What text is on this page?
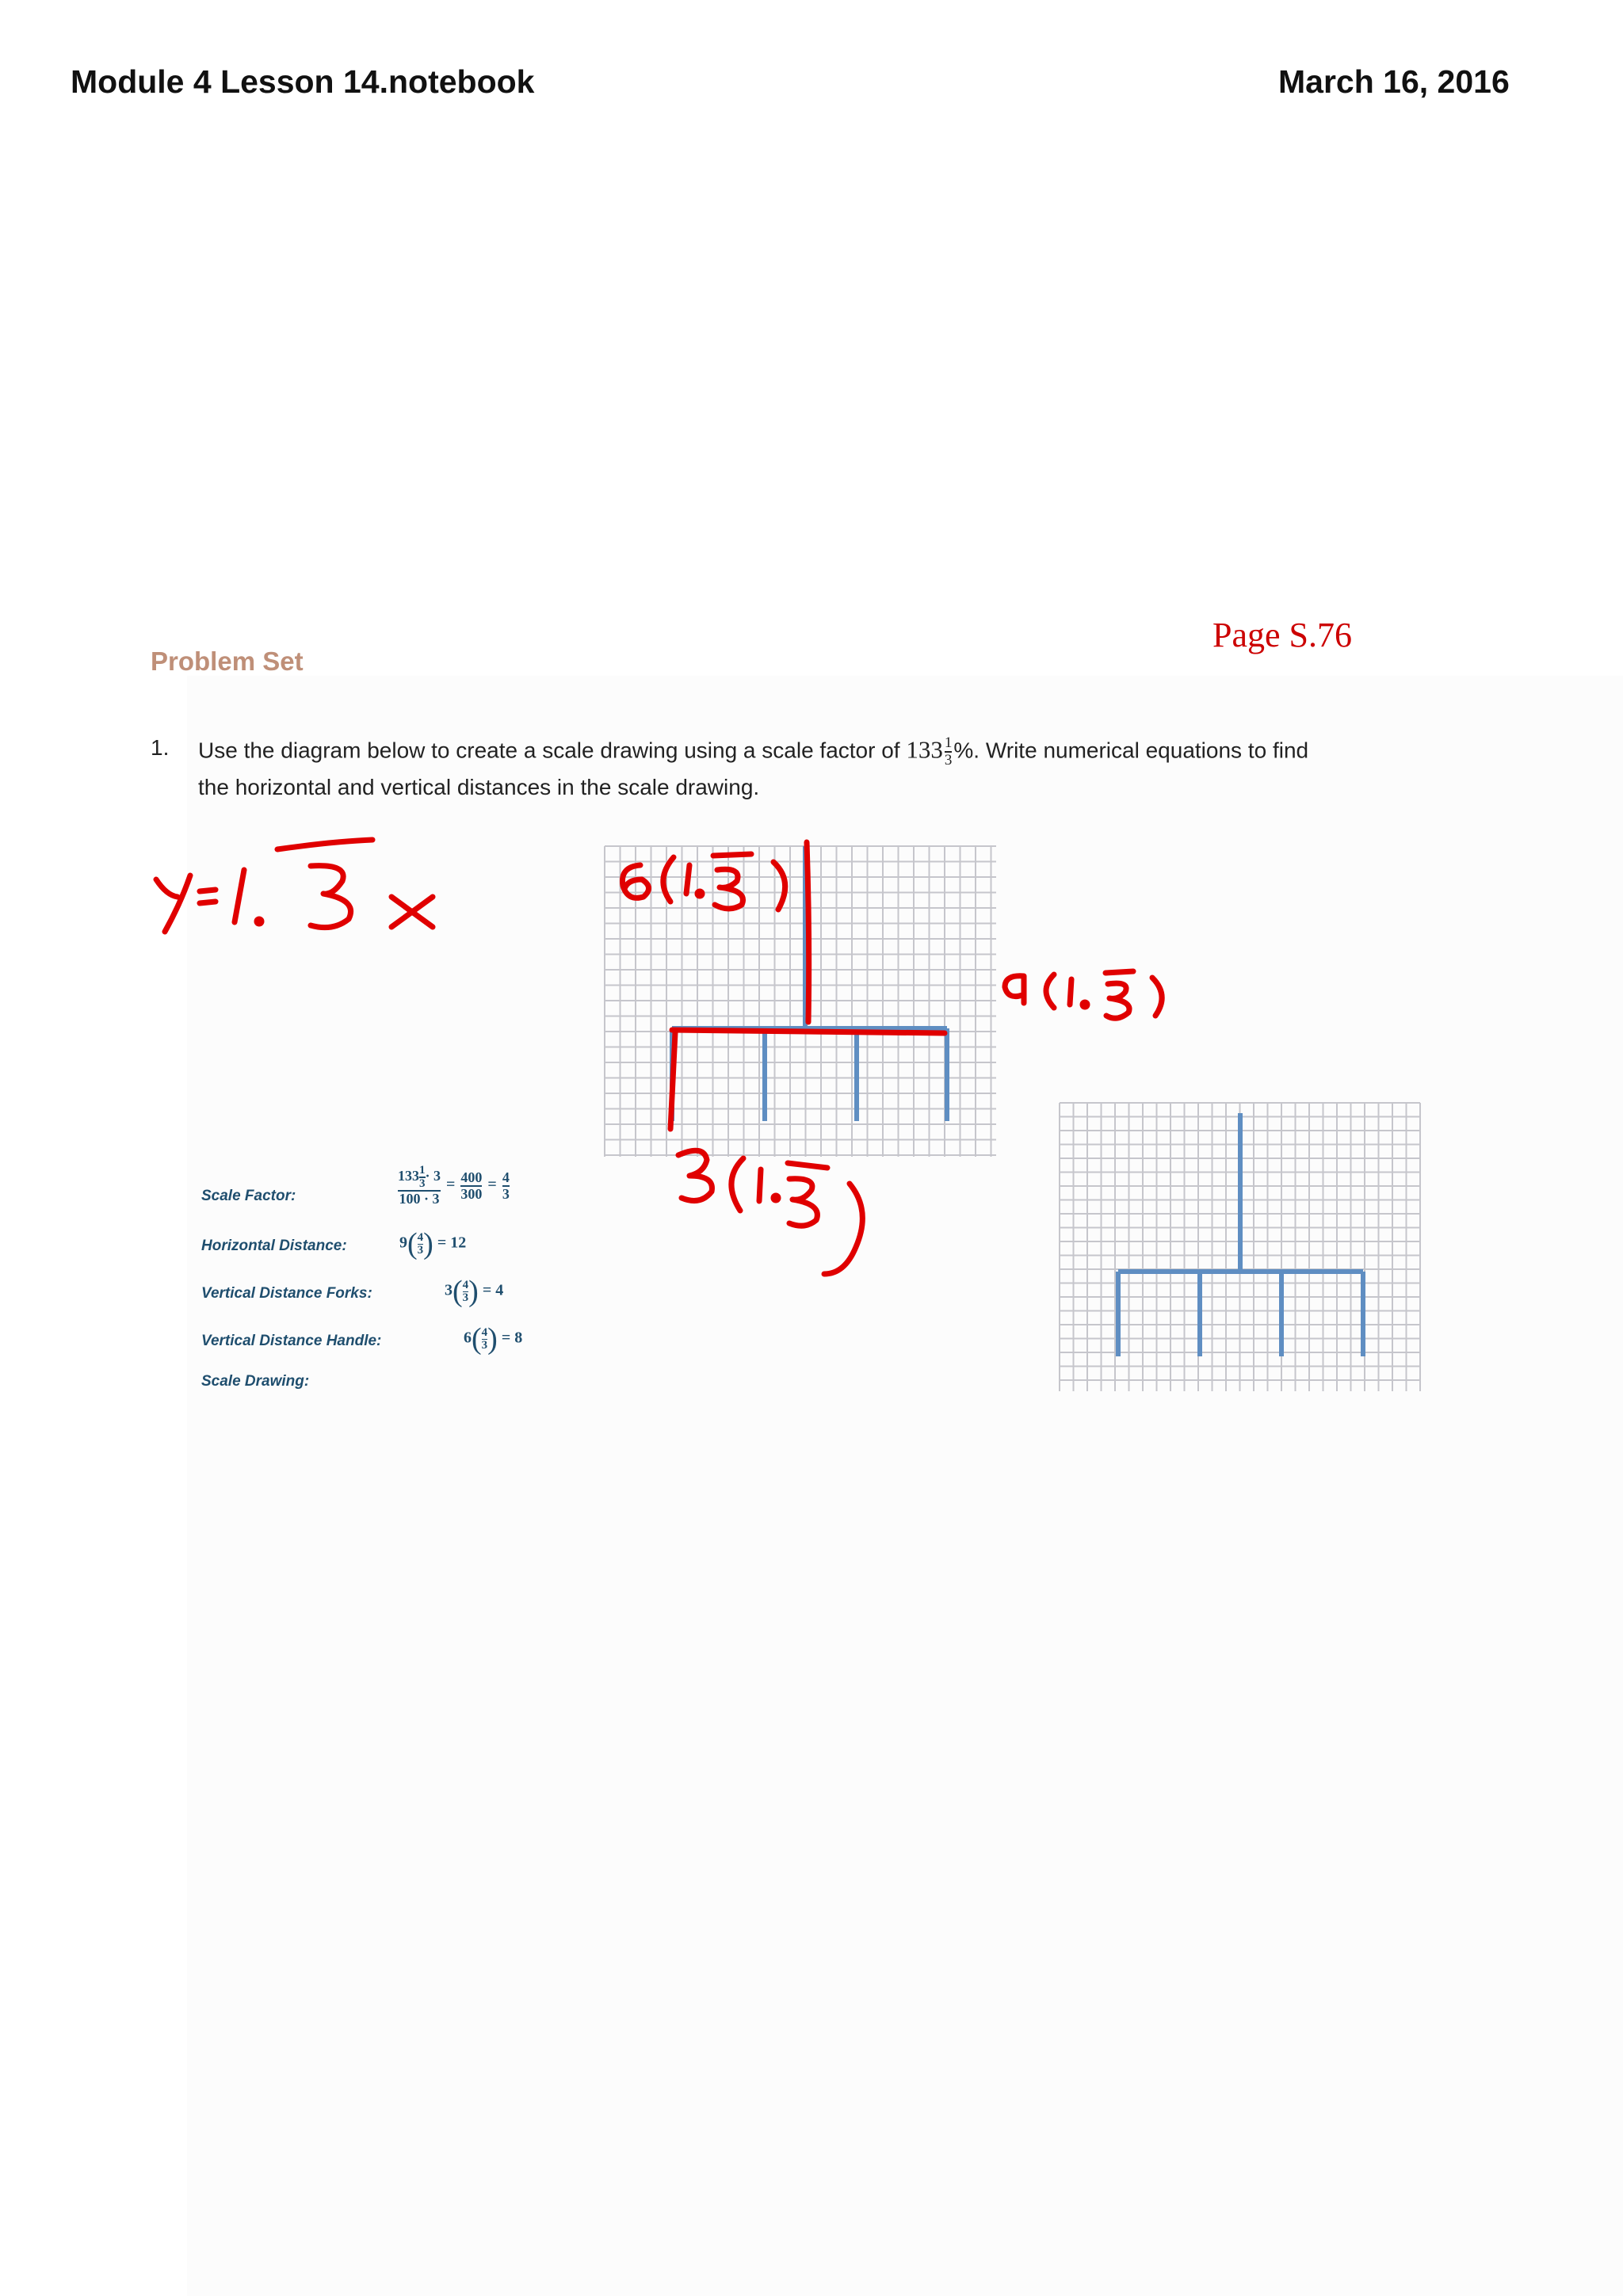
Module 4 Lesson 14.notebook	March 16, 2016
Page S.76
Problem Set
1. Use the diagram below to create a scale drawing using a scale factor of $133 \frac{1}{3}$ %. Write numerical equations to find
the horizontal and vertical distances in the scale drawing.
Scale Factor:
Horizontal Distance:
Vertical Distance Forks:
Vertical Distance Handle:
Scale Drawing:
$\frac{133 \frac{1}{3} \cdot 3}{100 \cdot 3} = \frac{400}{300} = \frac{4}{3}$
$9( \frac{4}{3}$ ) = 12
$3( \frac{4}{3}$ ) = 4
$6( \frac{4}{3}$ ) = 8
